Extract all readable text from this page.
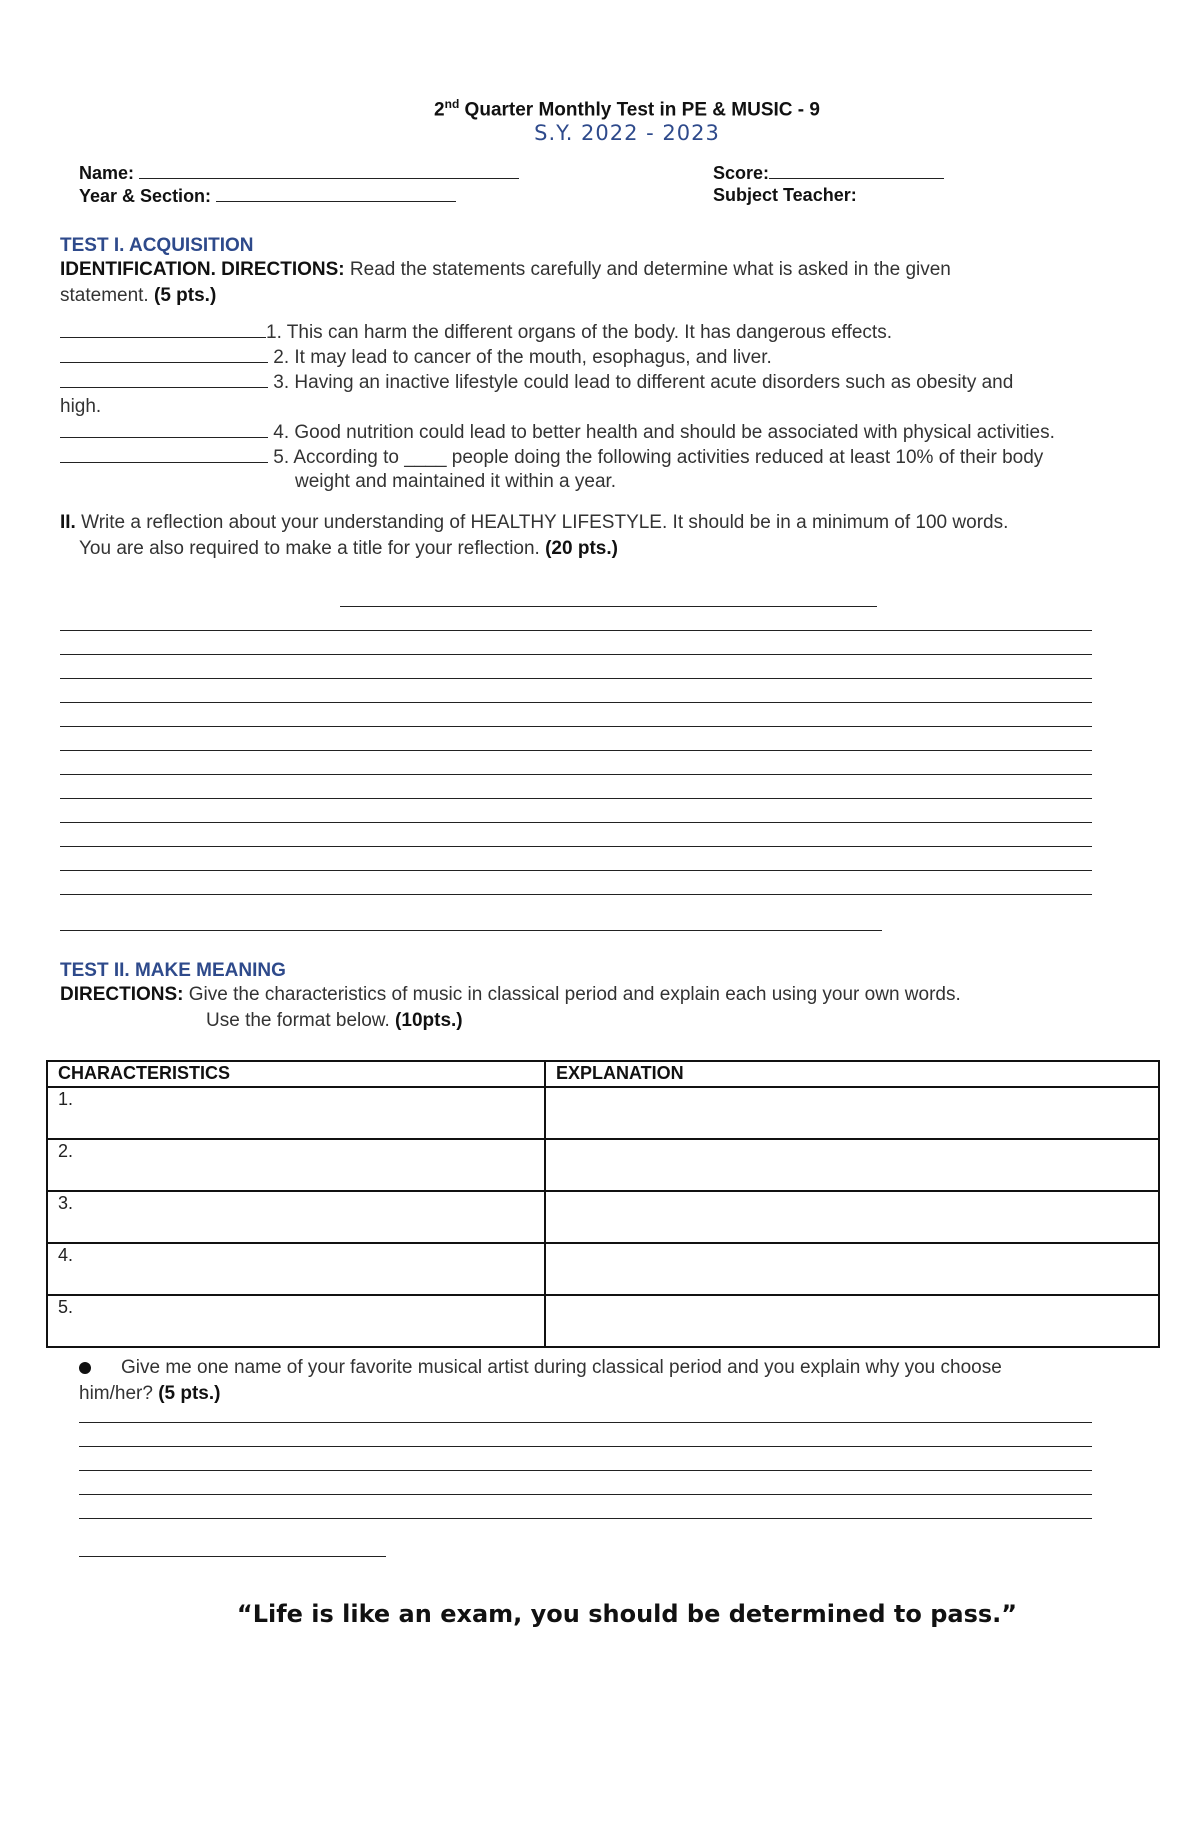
2nd Quarter Monthly Test in PE & MUSIC - 9
S.Y. 2022 - 2023
Name:
Year & Section:
Score:
Subject Teacher:
TEST I. ACQUISITION
IDENTIFICATION. DIRECTIONS: Read the statements carefully and determine what is asked in the given
statement. (5 pts.)
1. This can harm the different organs of the body. It has dangerous effects.
2. It may lead to cancer of the mouth, esophagus, and liver.
3. Having an inactive lifestyle could lead to different acute disorders such as obesity and
high.
4. Good nutrition could lead to better health and should be associated with physical activities.
5. According to ____ people doing the following activities reduced at least 10% of their body
weight and maintained it within a year.
II. Write a reflection about your understanding of HEALTHY LIFESTYLE. It should be in a minimum of 100 words.
You are also required to make a title for your reflection. (20 pts.)
TEST II. MAKE MEANING
DIRECTIONS: Give the characteristics of music in classical period and explain each using your own words.
Use the format below. (10pts.)
CHARACTERISTICS	EXPLANATION
1.	
2.	
3.	
4.	
5.	
Give me one name of your favorite musical artist during classical period and you explain why you choose
him/her? (5 pts.)
“Life is like an exam, you should be determined to pass.”
